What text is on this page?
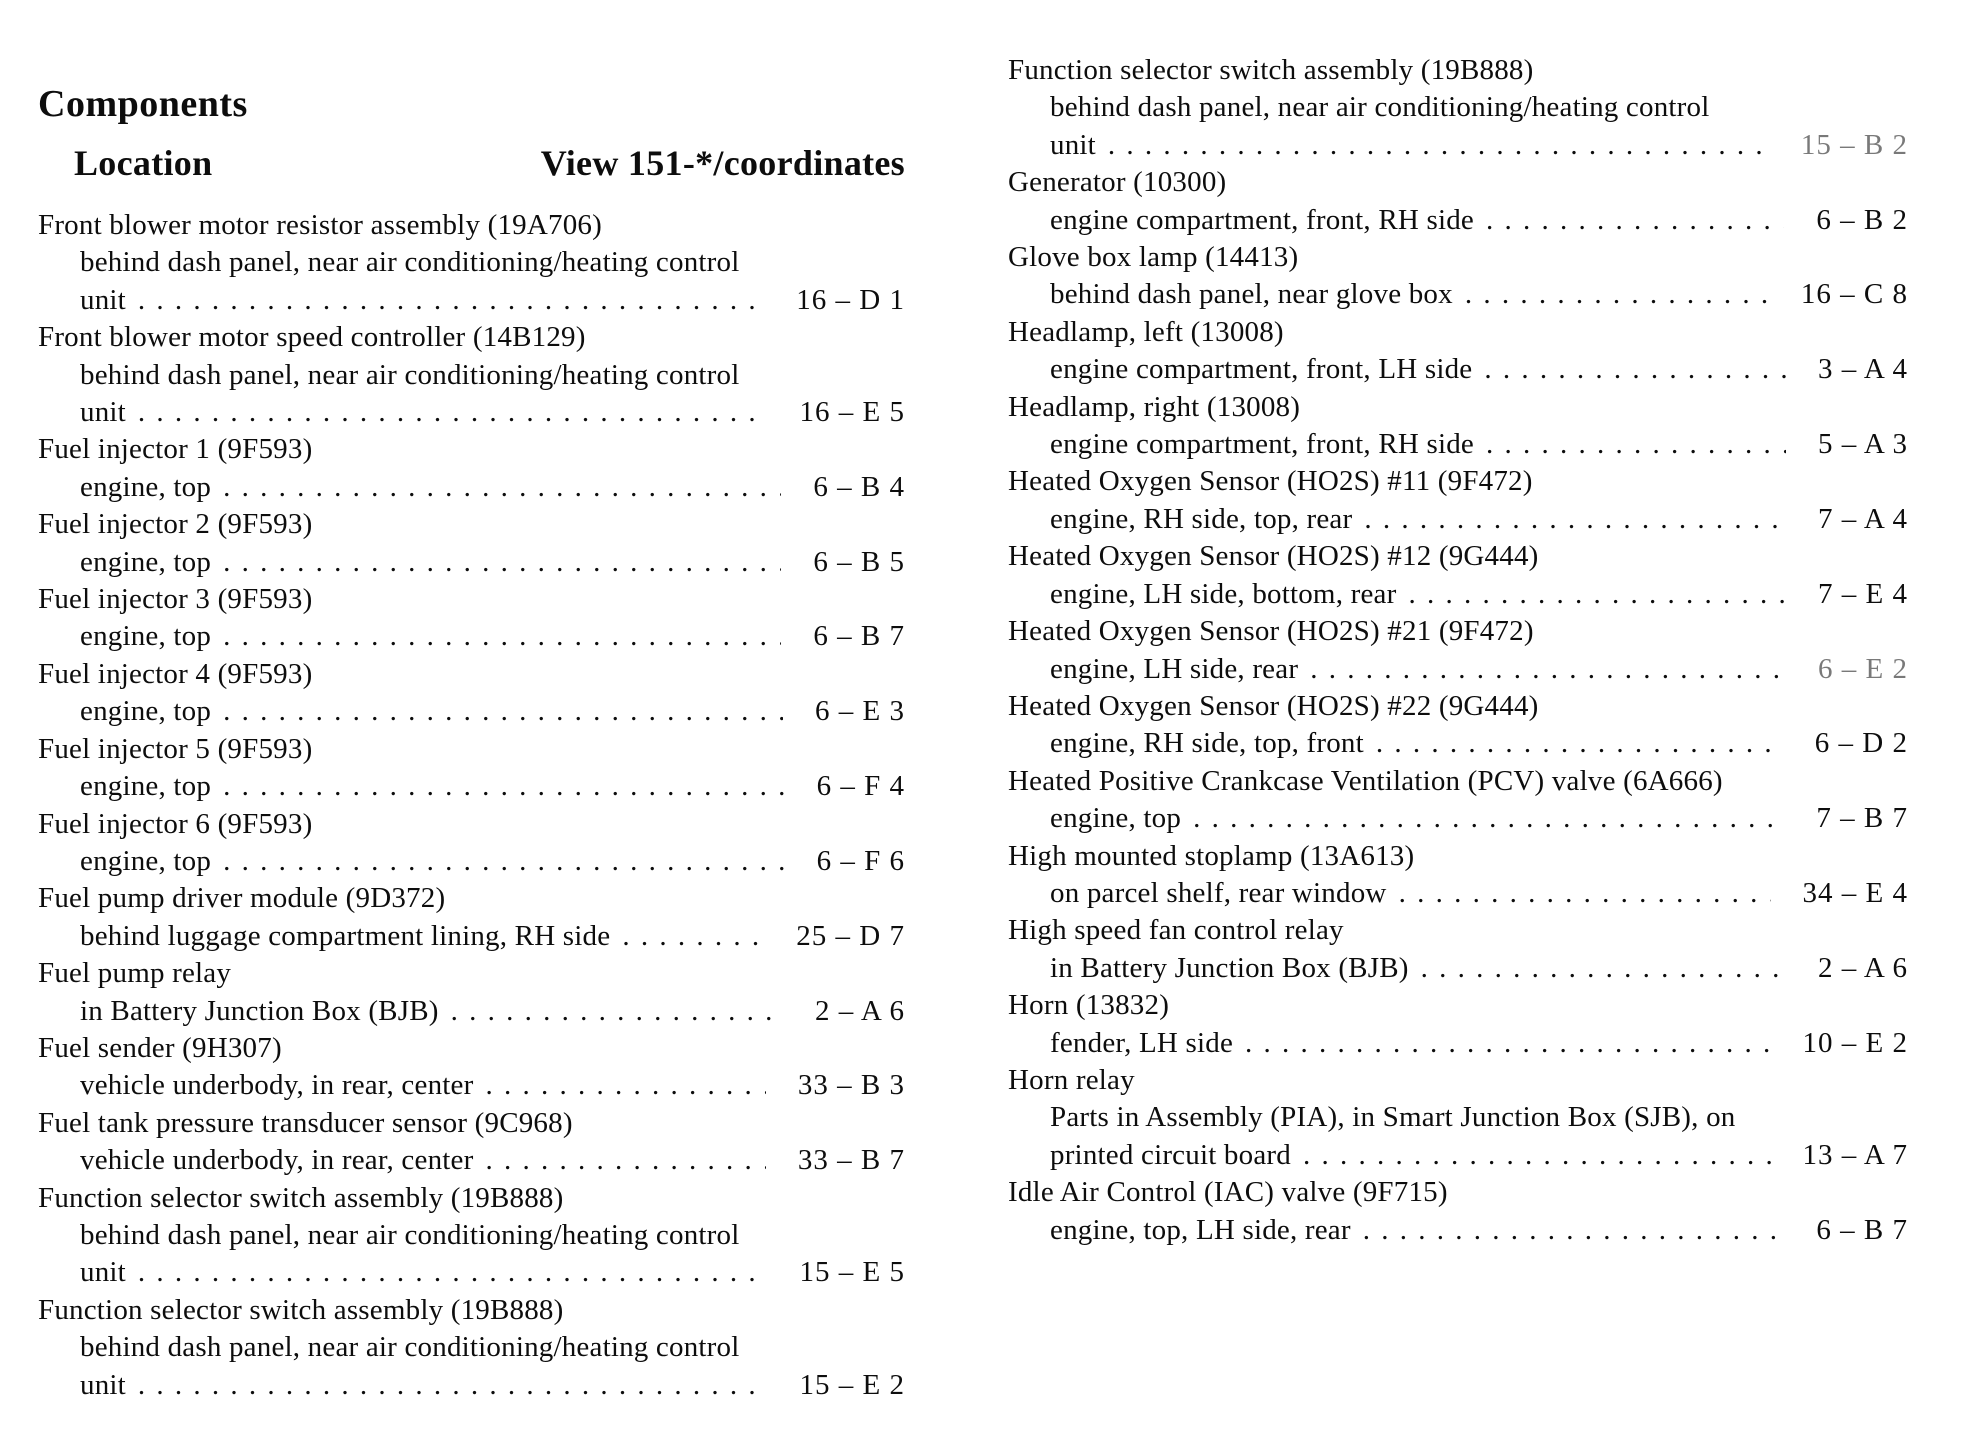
Components
Location	View 151-*/coordinates
Front blower motor resistor assembly (19A706)
behind dash panel, near air conditioning/heating control
unit . . .	16 – D 1
Front blower motor speed controller (14B129)
behind dash panel, near air conditioning/heating control
unit . . .	16 – E 5
Fuel injector 1 (9F593)
engine, top . . .	6 – B 4
Fuel injector 2 (9F593)
engine, top . . .	6 – B 5
Fuel injector 3 (9F593)
engine, top . . .	6 – B 7
Fuel injector 4 (9F593)
engine, top . . .	6 – E 3
Fuel injector 5 (9F593)
engine, top . . .	6 – F 4
Fuel injector 6 (9F593)
engine, top . . .	6 – F 6
Fuel pump driver module (9D372)
behind luggage compartment lining, RH side . . .	25 – D 7
Fuel pump relay
in Battery Junction Box (BJB) . . .	2 – A 6
Fuel sender (9H307)
vehicle underbody, in rear, center . . .	33 – B 3
Fuel tank pressure transducer sensor (9C968)
vehicle underbody, in rear, center . . .	33 – B 7
Function selector switch assembly (19B888)
behind dash panel, near air conditioning/heating control
unit . . .	15 – E 5
Function selector switch assembly (19B888)
behind dash panel, near air conditioning/heating control
unit . . .	15 – E 2
Function selector switch assembly (19B888)
behind dash panel, near air conditioning/heating control
unit . . .	15 – B 2
Generator (10300)
engine compartment, front, RH side . . .	6 – B 2
Glove box lamp (14413)
behind dash panel, near glove box . . .	16 – C 8
Headlamp, left (13008)
engine compartment, front, LH side . . .	3 – A 4
Headlamp, right (13008)
engine compartment, front, RH side . . .	5 – A 3
Heated Oxygen Sensor (HO2S) #11 (9F472)
engine, RH side, top, rear . . .	7 – A 4
Heated Oxygen Sensor (HO2S) #12 (9G444)
engine, LH side, bottom, rear . . .	7 – E 4
Heated Oxygen Sensor (HO2S) #21 (9F472)
engine, LH side, rear . . .	6 – E 2
Heated Oxygen Sensor (HO2S) #22 (9G444)
engine, RH side, top, front . . .	6 – D 2
Heated Positive Crankcase Ventilation (PCV) valve (6A666)
engine, top . . .	7 – B 7
High mounted stoplamp (13A613)
on parcel shelf, rear window . . .	34 – E 4
High speed fan control relay
in Battery Junction Box (BJB) . . .	2 – A 6
Horn (13832)
fender, LH side . . .	10 – E 2
Horn relay
Parts in Assembly (PIA), in Smart Junction Box (SJB), on
printed circuit board . . .	13 – A 7
Idle Air Control (IAC) valve (9F715)
engine, top, LH side, rear . . .	6 – B 7
